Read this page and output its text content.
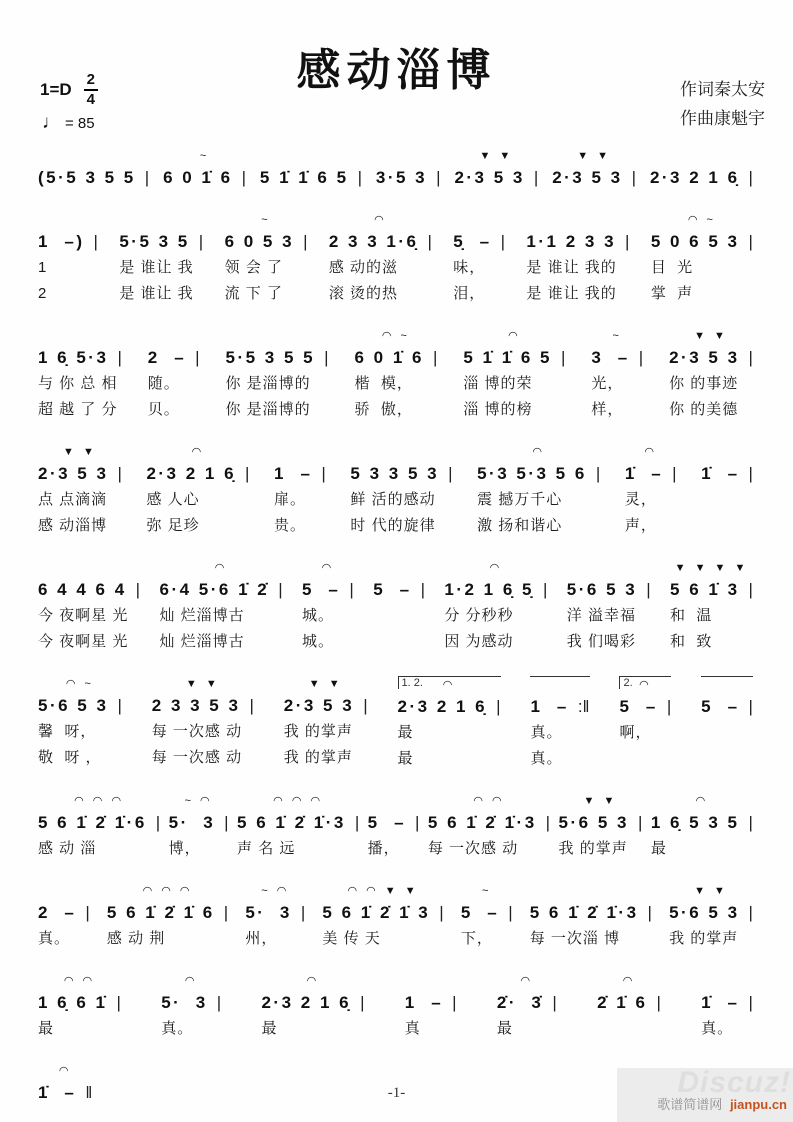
感动淄博
$1=D \frac{2}{4}$
♩ = 85
作词秦太安
作曲康魁宇

(5·5 3 5 5 |
~
6 0 1̇ 6 |
5 1̇ 1̇ 6 5 |
3·5 3 |
▼ ▼
2·3 5 3 |
▼ ▼
2·3 5 3 |
2·3 2 1 6̣ |

1  –) |
1
2

5·5 3 5 |
是 谁让 我
是 谁让 我
~
6 0 5 3 |
领 会 了
流 下 了
◠
2 3 3 1·6̣ |
感 动的滋
滚 烫的热

5̣  – |
味，
泪，

1·1 2 3 3 |
是 谁让 我的
是 谁让 我的
◠ ~
5 0 6 5 3 |
目  光
掌  声

1 6̣ 5·3 |
与 你 总 相
超 越 了 分

2  – |
随。
贝。

5·5 3 5 5 |
你 是淄博的
你 是淄博的
◠ ~
6 0 1̇ 6 |
楷  模，
骄  傲，
◠
5 1̇ 1̇ 6 5 |
淄 博的荣
淄 博的榜
~
3  – |
光，
样，
▼ ▼
2·3 5 3 |
你 的事迹
你 的美德
▼ ▼
2·3 5 3 |
点 点滴滴
感 动淄博
◠
2·3 2 1 6̣ |
感 人心
弥 足珍

1  – |
扉。
贵。

5 3 3 5 3 |
鲜 活的感动
时 代的旋律
◠
5·3 5·3 5 6 |
震 撼万千心
激 扬和谐心
◠
1̇  – |
灵，
声，

1̇  – |

6 4 4 6 4 |
今 夜啊星 光
今 夜啊星 光
◠
6·4 5·6 1̇ 2̇ |
灿 烂淄博古
灿 烂淄博古
◠
5  – |
城。
城。

5  – |

◠
1·2 1 6̣ 5̣ |
分 分秒秒
因 为感动

5·6 5 3 |
洋 溢幸福
我 们喝彩
▼ ▼ ▼ ▼
5 6 1̇ 3 |
和  温
和  致
◠ ~
5·6 5 3 |
馨  呀，
敬  呀 ，
▼ ▼
2 3 3 5 3 |
每 一次感 动
每 一次感 动
▼ ▼
2·3 5 3 |
我 的掌声
我 的掌声
1. 2.	◠
2·3 2 1 6̣ |
最
最

1  – :‖
真。
真。
2. ◠
5  – |
啊，

5  – |

◠ ◠ ◠
5 6 1̇ 2̇ 1̇·6 |
感 动 淄
~ ◠
5·  3 |
博，
◠ ◠ ◠
5 6 1̇ 2̇ 1̇·3 |
声 名 远

5  – |
播，
◠ ◠
5 6 1̇ 2̇ 1̇·3 |
每 一次感 动
▼ ▼
5·6 5 3 |
我 的掌声
◠
1 6̣ 5 3 5 |
最

2  – |
真。
◠ ◠ ◠
5 6 1̇ 2̇ 1̇ 6 |
感 动 荆
~ ◠
5·  3 |
州，
◠ ◠ ▼ ▼
5 6 1̇ 2̇ 1̇ 3 |
美 传 天
~
5  – |
下，

5 6 1̇ 2̇ 1̇·3 |
每 一次淄 博
▼ ▼
5·6 5 3 |
我 的掌声
◠ ◠
1 6̣ 6 1̇ |
最
◠
5·  3 |
真。
◠
2·3 2 1 6̣ |
最

1  – |
真
◠
2̇·  3̇ |
最
◠
2̇ 1̇ 6 |

1̇  – |
真。
◠
1̇  – ‖	-1-	Discuz!
歌谱简谱网 jianpu.cn
